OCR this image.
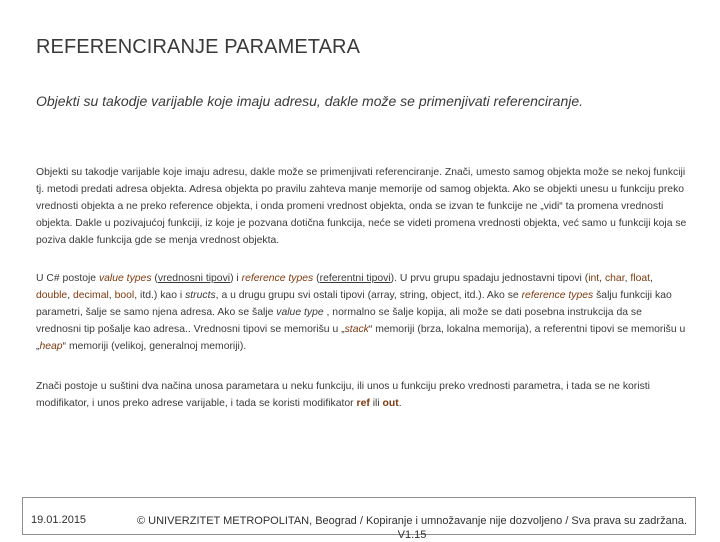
REFERENCIRANJE PARAMETARA
Objekti su takodje varijable koje imaju adresu, dakle može se primenjivati referenciranje.
Objekti su takodje varijable koje imaju adresu, dakle može se primenjivati referenciranje. Znači, umesto samog objekta može se nekoj funkciji tj. metodi predati adresa objekta. Adresa objekta po pravilu zahteva manje memorije od samog objekta. Ako se objekti unesu u funkciju preko vrednosti objekta a ne preko reference objekta, i onda promeni vrednost objekta, onda se izvan te funkcije ne „vidi“ ta promena vrednosti objekta. Dakle u pozivajućoj funkciji, iz koje je pozvana dotična funkcija, neće se videti promena vrednosti objekta, već samo u funkciji koja se poziva dakle funkcija gde se menja vrednost objekta.
U C# postoje value types (vrednosni tipovi) i reference types (referentni tipovi). U prvu grupu spadaju jednostavni tipovi (int, char, float, double, decimal, bool, itd.) kao i structs, a u drugu grupu svi ostali tipovi (array, string, object, itd.). Ako se reference types šalju funkciji kao parametri, šalje se samo njena adresa. Ako se šalje value type , normalno se šalje kopija, ali može se dati posebna instrukcija da se vrednosni tip pošalje kao adresa.. Vrednosni tipovi se memorišu u „stack“ memoriji (brza, lokalna memorija), a referentni tipovi se memorišu u „heap“ memoriji (velikoj, generalnoj memoriji).
Znači postoje u suštini dva načina unosa parametara u neku funkciju, ili unos u funkciju preko vrednosti parametra, i tada se ne koristi modifikator, i unos preko adrese varijable, i tada se koristi modifikator ref ili out.
19.01.2015	© UNIVERZITET METROPOLITAN, Beograd / Kopiranje i umnožavanje nije dozvoljeno / Sva prava su zadržana. V1.15
